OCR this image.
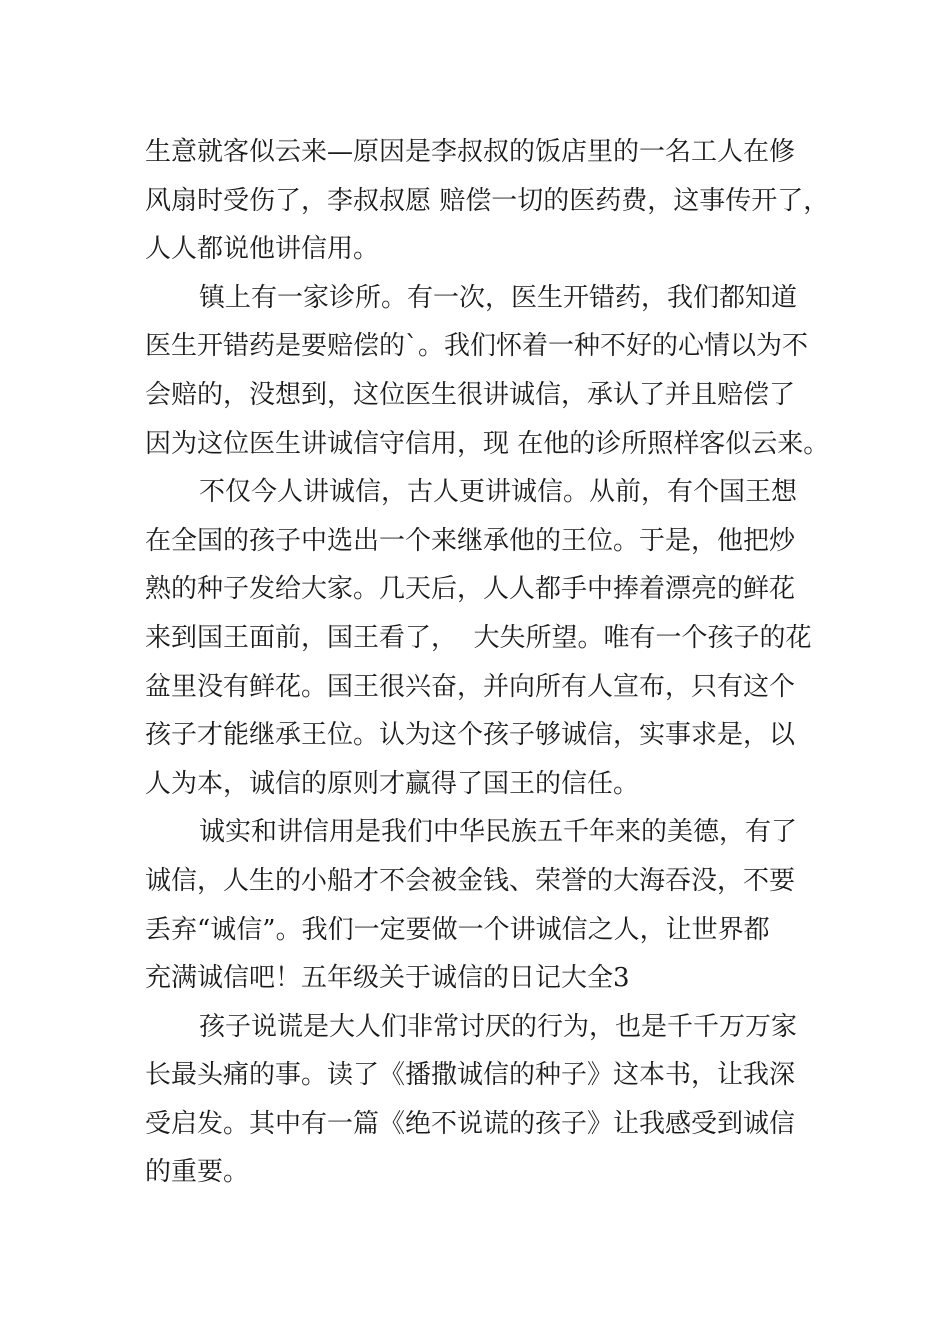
生意就客似云来—原因是李叔叔的饭店里的一名工人在修
风扇时受伤了，李叔叔愿 赔偿一切的医药费，这事传开了，
人人都说他讲信用。
镇上有一家诊所。有一次，医生开错药，我们都知道
医生开错药是要赔偿的`。我们怀着一种不好的心情以为不
会赔的，没想到，这位医生很讲诚信，承认了并且赔偿了
因为这位医生讲诚信守信用，现 在他的诊所照样客似云来。
不仅今人讲诚信，古人更讲诚信。从前，有个国王想
在全国的孩子中选出一个来继承他的王位。于是，他把炒
熟的种子发给大家。几天后，人人都手中捧着漂亮的鲜花
来到国王面前，国王看了，  大失所望。唯有一个孩子的花
盆里没有鲜花。国王很兴奋，并向所有人宣布，只有这个
孩子才能继承王位。认为这个孩子够诚信，实事求是，以
人为本，诚信的原则才赢得了国王的信任。
诚实和讲信用是我们中华民族五千年来的美德，有了
诚信，人生的小船才不会被金钱、荣誉的大海吞没，不要
丢弃“诚信”。我们一定要做一个讲诚信之人，让世界都
充满诚信吧！五年级关于诚信的日记大全3
孩子说谎是大人们非常讨厌的行为，也是千千万万家
长最头痛的事。读了《播撒诚信的种子》这本书，让我深
受启发。其中有一篇《绝不说谎的孩子》让我感受到诚信
的重要。
